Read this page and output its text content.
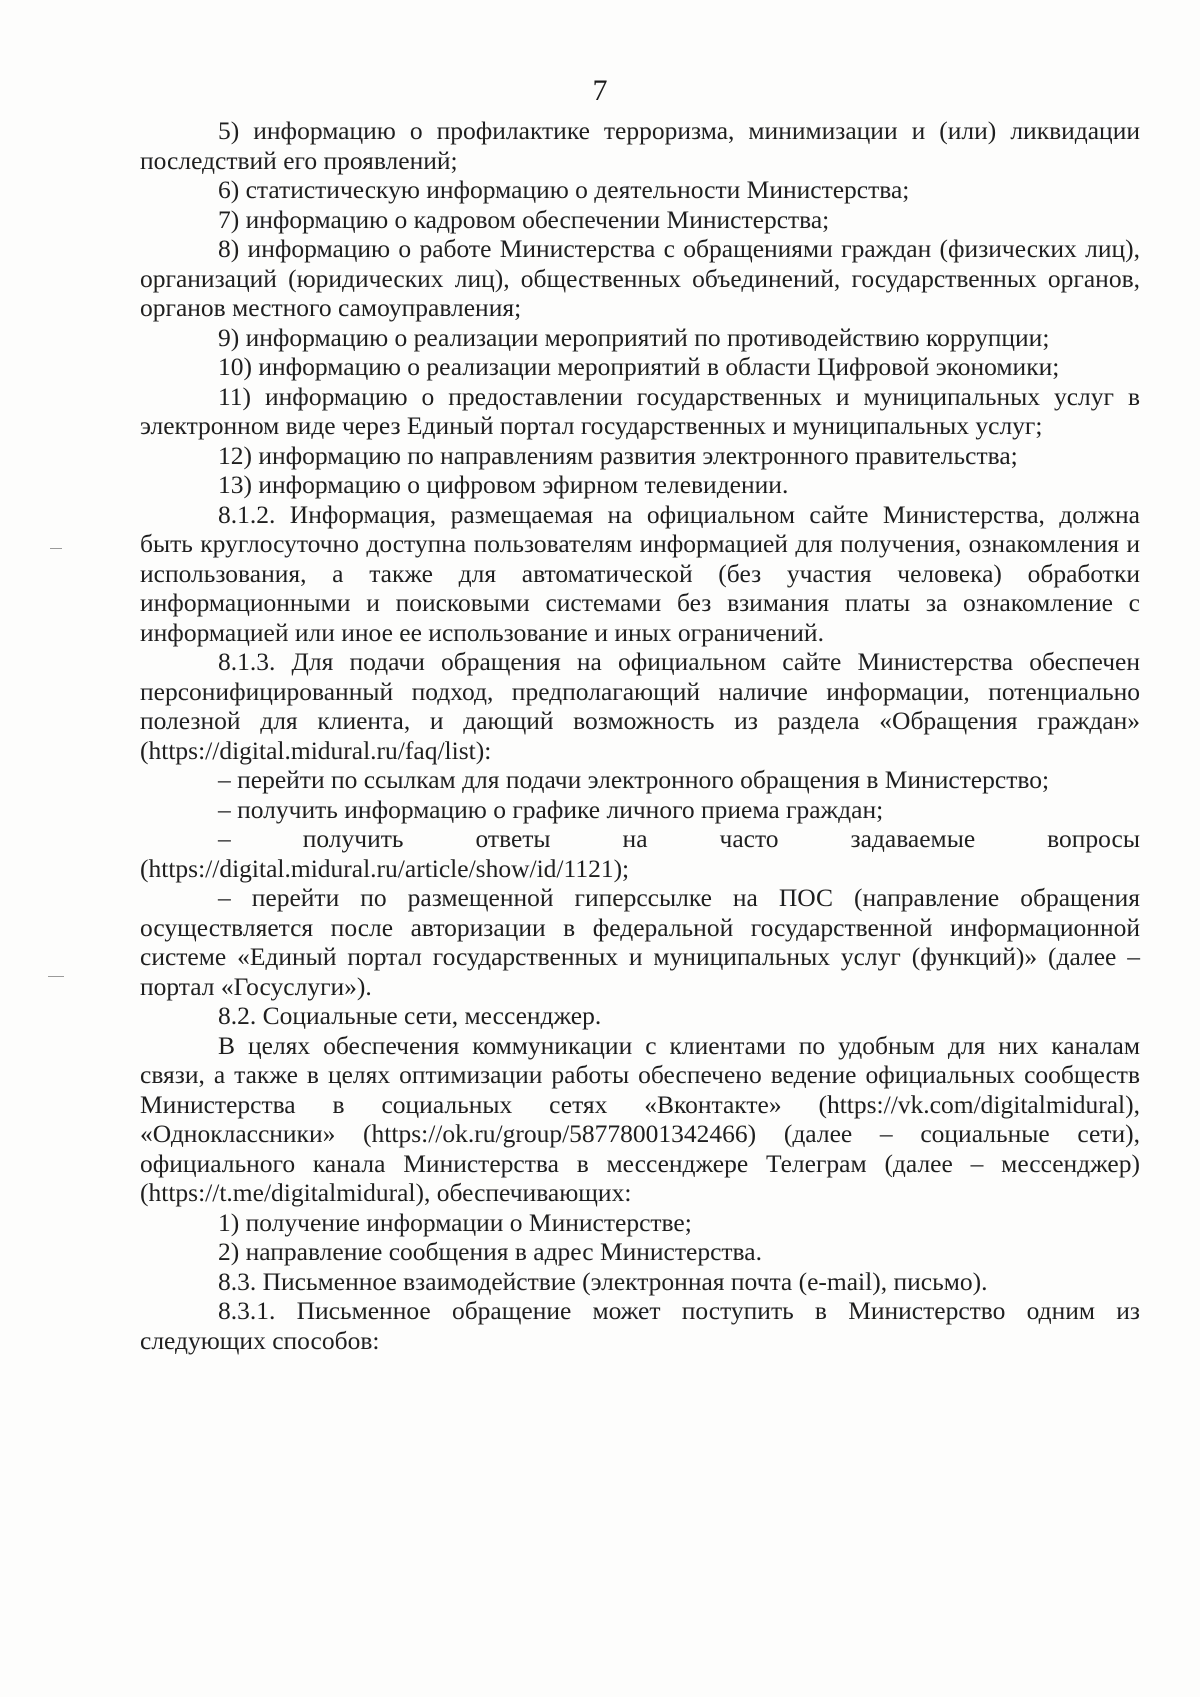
7

5) информацию о профилактике терроризма, минимизации и (или) ликвидации последствий его проявлений;

6) статистическую информацию о деятельности Министерства;

7) информацию о кадровом обеспечении Министерства;

8) информацию о работе Министерства с обращениями граждан (физических лиц), организаций (юридических лиц), общественных объединений, государственных органов, органов местного самоуправления;

9) информацию о реализации мероприятий по противодействию коррупции;

10) информацию о реализации мероприятий в области Цифровой экономики;

11) информацию о предоставлении государственных и муниципальных услуг в электронном виде через Единый портал государственных и муниципальных услуг;

12) информацию по направлениям развития электронного правительства;

13) информацию о цифровом эфирном телевидении.

8.1.2. Информация, размещаемая на официальном сайте Министерства, должна быть круглосуточно доступна пользователям информацией для получения, ознакомления и использования, а также для автоматической (без участия человека) обработки информационными и поисковыми системами без взимания платы за ознакомление с информацией или иное ее использование и иных ограничений.

8.1.3. Для подачи обращения на официальном сайте Министерства обеспечен персонифицированный подход, предполагающий наличие информации, потенциально полезной для клиента, и дающий возможность из раздела «Обращения граждан» (https://digital.midural.ru/faq/list):

– перейти по ссылкам для подачи электронного обращения в Министерство;

– получить информацию о графике личного приема граждан;

– получить ответы на часто задаваемые вопросы (https://digital.midural.ru/article/show/id/1121);

– перейти по размещенной гиперссылке на ПОС (направление обращения осуществляется после авторизации в федеральной государственной информационной системе «Единый портал государственных и муниципальных услуг (функций)» (далее – портал «Госуслуги»).

8.2. Социальные сети, мессенджер.

В целях обеспечения коммуникации с клиентами по удобным для них каналам связи, а также в целях оптимизации работы обеспечено ведение официальных сообществ Министерства в социальных сетях «Вконтакте» (https://vk.com/digitalmidural), «Одноклассники» (https://ok.ru/group/58778001342466) (далее – социальные сети), официального канала Министерства в мессенджере Телеграм (далее – мессенджер) (https://t.me/digitalmidural), обеспечивающих:

1) получение информации о Министерстве;

2) направление сообщения в адрес Министерства.

8.3. Письменное взаимодействие (электронная почта (e-mail), письмо).

8.3.1. Письменное обращение может поступить в Министерство одним из следующих способов:
